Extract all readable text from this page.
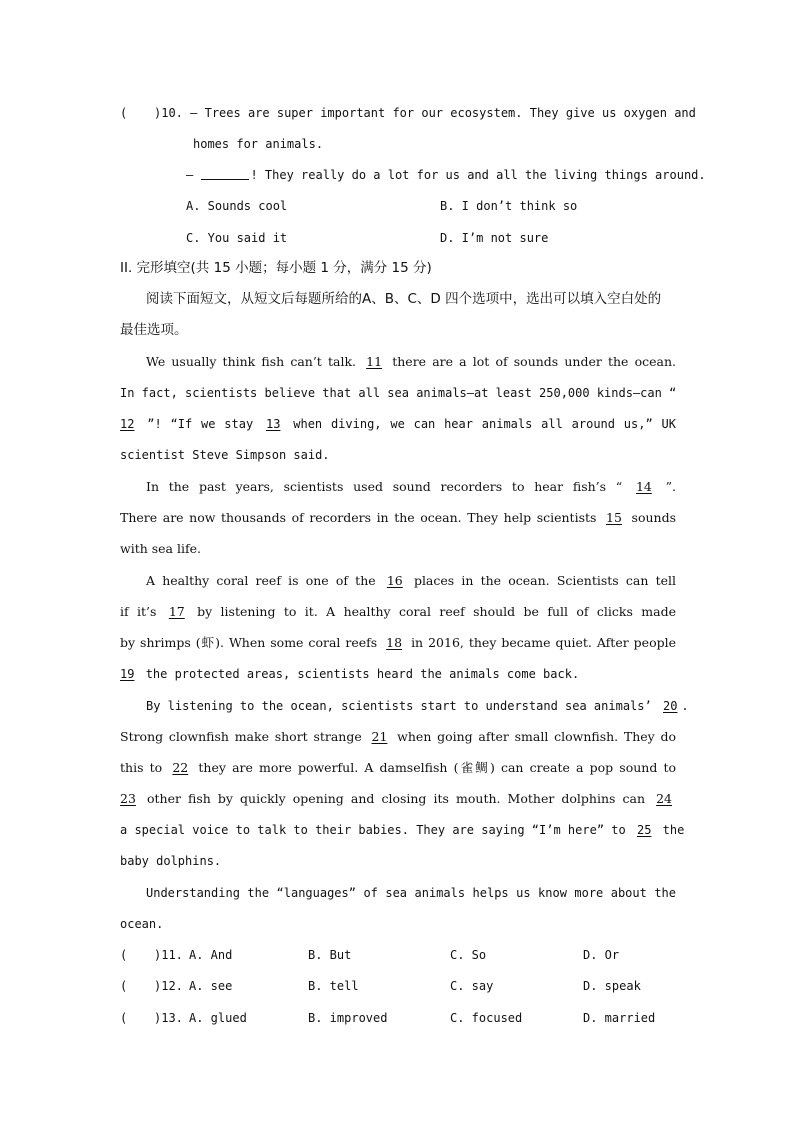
( )10. — Trees are super important for our ecosystem. They give us oxygen and
homes for animals.
—	! They really do a lot for us and all the living things around.
A. Sounds cool	B. I don’t think so
C. You said it	D. I’m not sure
II. 完形填空(共 15 小题；每小题 1 分，满分 15 分)
阅读下面短文，从短文后每题所给的A、B、C、D 四个选项中，选出可以填入空白处的
最佳选项。
We usually think fish can’t talk. 11 there are a lot of sounds under the ocean.
In fact, scientists believe that all sea animals—at least 250,000 kinds—can “
12 ”! “If we stay 13 when diving, we can hear animals all around us,” UK
scientist Steve Simpson said.
In the past years, scientists used sound recorders to hear fish’s “ 14 ”.
There are now thousands of recorders in the ocean. They help scientists 15 sounds
with sea life.
A healthy coral reef is one of the 16 places in the ocean. Scientists can tell
if it’s 17 by listening to it. A healthy coral reef should be full of clicks made
by shrimps (虾). When some coral reefs 18 in 2016, they became quiet. After people
19 the protected areas, scientists heard the animals come back.
By listening to the ocean, scientists start to understand sea animals’ 20 .
Strong clownfish make short strange 21 when going after small clownfish. They do
this to 22 they are more powerful. A damselfish (雀鲷) can create a pop sound to
23 other fish by quickly opening and closing its mouth. Mother dolphins can 24
a special voice to talk to their babies. They are saying “I’m here” to 25 the
baby dolphins.
Understanding the “languages” of sea animals helps us know more about the
ocean.
( )11. A. And	B. But	C. So	D. Or
( )12. A. see	B. tell	C. say	D. speak
( )13. A. glued	B. improved	C. focused	D. married
